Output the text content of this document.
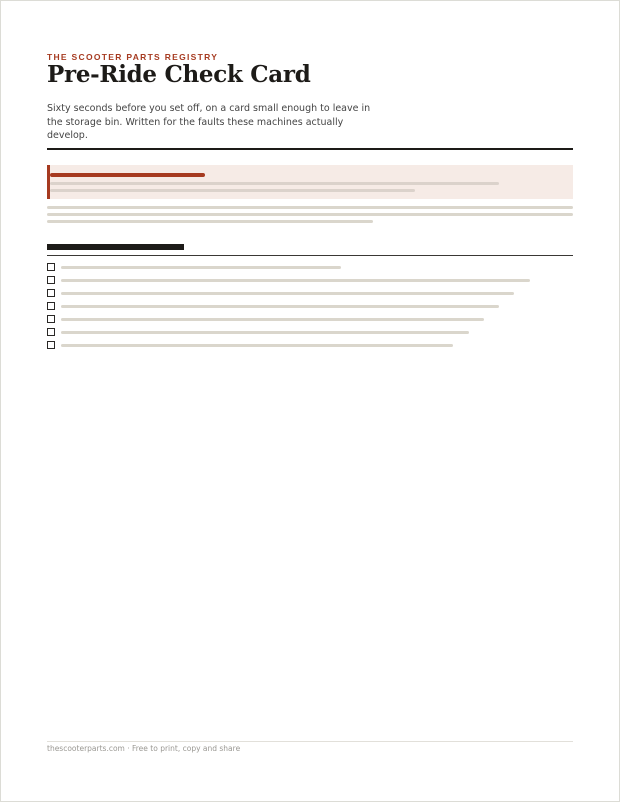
THE SCOOTER PARTS REGISTRY
Pre-Ride Check Card

Sixty seconds before you set off, on a card small enough to leave in the storage bin. Written for the faults these machines actually develop.

thescooterparts.com · Free to print, copy and share
